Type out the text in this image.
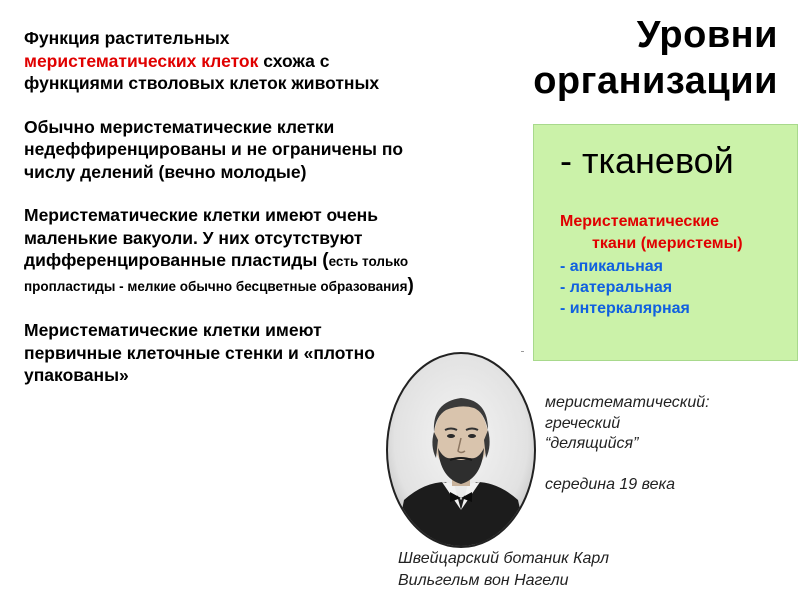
Уровни
организации

Функция растительных
меристематических клеток схожа с функциями стволовых клеток животных

Обычно меристематические клетки недеффиренцированы и не ограничены по числу делений (вечно молодые)

Меристематические клетки имеют очень маленькие вакуоли. У них отсутствуют дифференцированные пластиды (есть только пропластиды - мелкие обычно бесцветные образования)

Меристематические клетки имеют первичные клеточные стенки и «плотно упакованы»

- тканевой
Меристематические
ткани (меристемы)
- апикальная
- латеральная
- интеркалярная
меристематический:
греческий
“делящийся”
середина 19 века
Швейцарский ботаник Карл
Вильгельм вон Нагели
